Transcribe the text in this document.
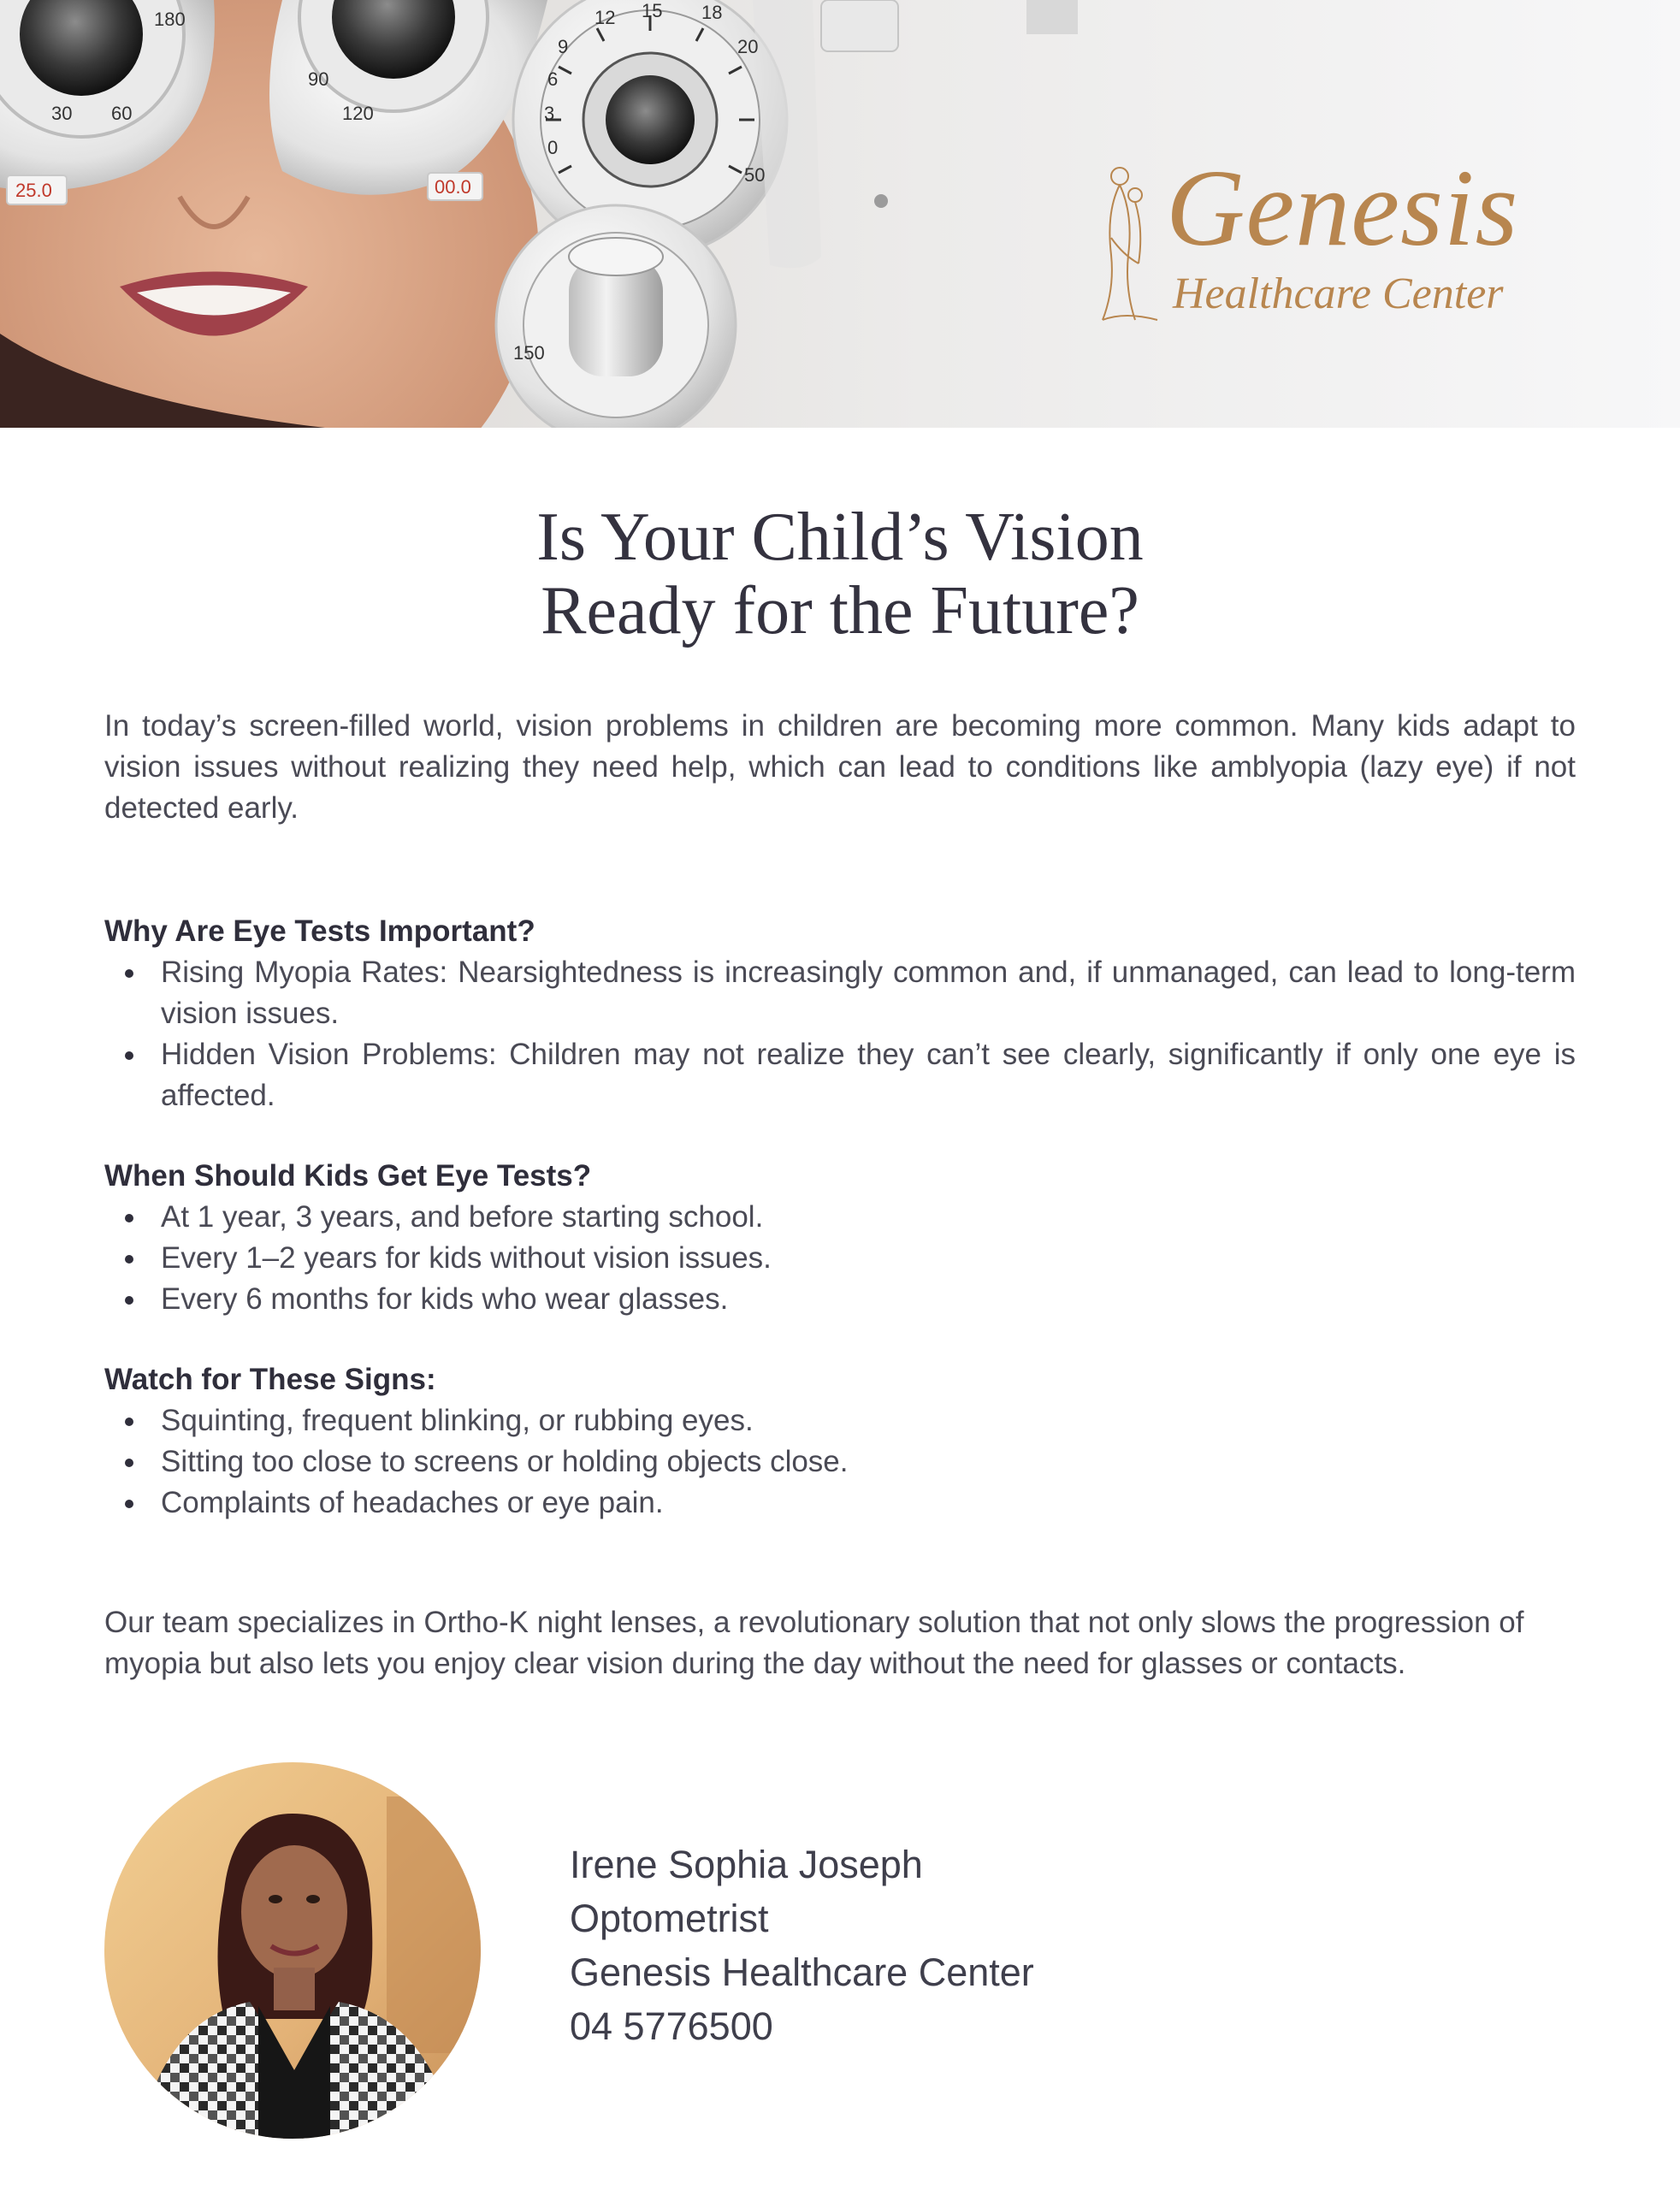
15
12	18
9
6
3
0
20
50
30 60
90
120
150
180
25.0	00.0	Genesis
Healthcare Center
Is Your Child’s Vision
Ready for the Future?

In today’s screen-filled world, vision problems in children are becoming more common. Many kids adapt to vision issues without realizing they need help, which can lead to conditions like amblyopia (lazy eye) if not detected early.

Why Are Eye Tests Important?
Rising Myopia Rates: Nearsightedness is increasingly common and, if unmanaged, can lead to long-term vision issues.
Hidden Vision Problems: Children may not realize they can’t see clearly, significantly if only one eye is affected.
When Should Kids Get Eye Tests?
At 1 year, 3 years, and before starting school.
Every 1–2 years for kids without vision issues.
Every 6 months for kids who wear glasses.
Watch for These Signs:
Squinting, frequent blinking, or rubbing eyes.
Sitting too close to screens or holding objects close.
Complaints of headaches or eye pain.

Our team specializes in Ortho-K night lenses, a revolutionary solution that not only slows the progression of myopia but also lets you enjoy clear vision during the day without the need for glasses or contacts.

Irene Sophia Joseph
Optometrist
Genesis Healthcare Center
04 5776500
